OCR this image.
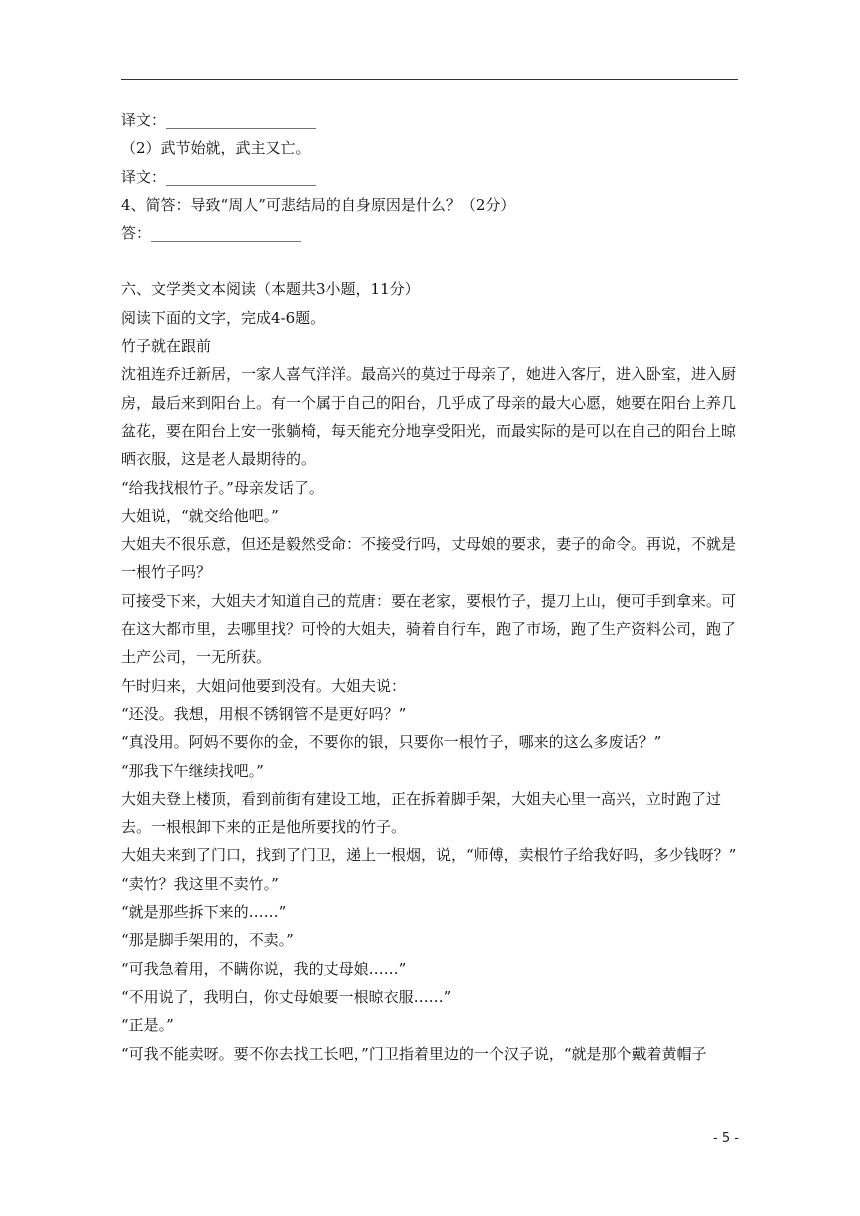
译文：____________________

（2）武节始就，武主又亡。

译文：____________________

4、简答：导致“周人”可悲结局的自身原因是什么？（2分）

答：____________________

六、文学类文本阅读（本题共3小题，11分）

阅读下面的文字，完成4-6题。

竹子就在跟前

沈祖连乔迁新居，一家人喜气洋洋。最高兴的莫过于母亲了，她进入客厅，进入卧室，进入厨房，最后来到阳台上。有一个属于自己的阳台，几乎成了母亲的最大心愿，她要在阳台上养几盆花，要在阳台上安一张躺椅，每天能充分地享受阳光，而最实际的是可以在自己的阳台上晾晒衣服，这是老人最期待的。

“给我找根竹子。”母亲发话了。

大姐说，“就交给他吧。”

大姐夫不很乐意，但还是毅然受命：不接受行吗，丈母娘的要求，妻子的命令。再说，不就是一根竹子吗？

可接受下来，大姐夫才知道自己的荒唐：要在老家，要根竹子，提刀上山，便可手到拿来。可在这大都市里，去哪里找？可怜的大姐夫，骑着自行车，跑了市场，跑了生产资料公司，跑了土产公司，一无所获。

午时归来，大姐问他要到没有。大姐夫说：

“还没。我想，用根不锈钢管不是更好吗？”

“真没用。阿妈不要你的金，不要你的银，只要你一根竹子，哪来的这么多废话？”

“那我下午继续找吧。”

大姐夫登上楼顶，看到前街有建设工地，正在拆着脚手架，大姐夫心里一高兴，立时跑了过去。一根根卸下来的正是他所要找的竹子。

大姐夫来到了门口，找到了门卫，递上一根烟，说，“师傅，卖根竹子给我好吗，多少钱呀？”

“卖竹？我这里不卖竹。”

“就是那些拆下来的……”

“那是脚手架用的，不卖。”

“可我急着用，不瞒你说，我的丈母娘……”

“不用说了，我明白，你丈母娘要一根晾衣服……”

“正是。”

“可我不能卖呀。要不你去找工长吧，”门卫指着里边的一个汉子说，“就是那个戴着黄帽子

- 5 -
